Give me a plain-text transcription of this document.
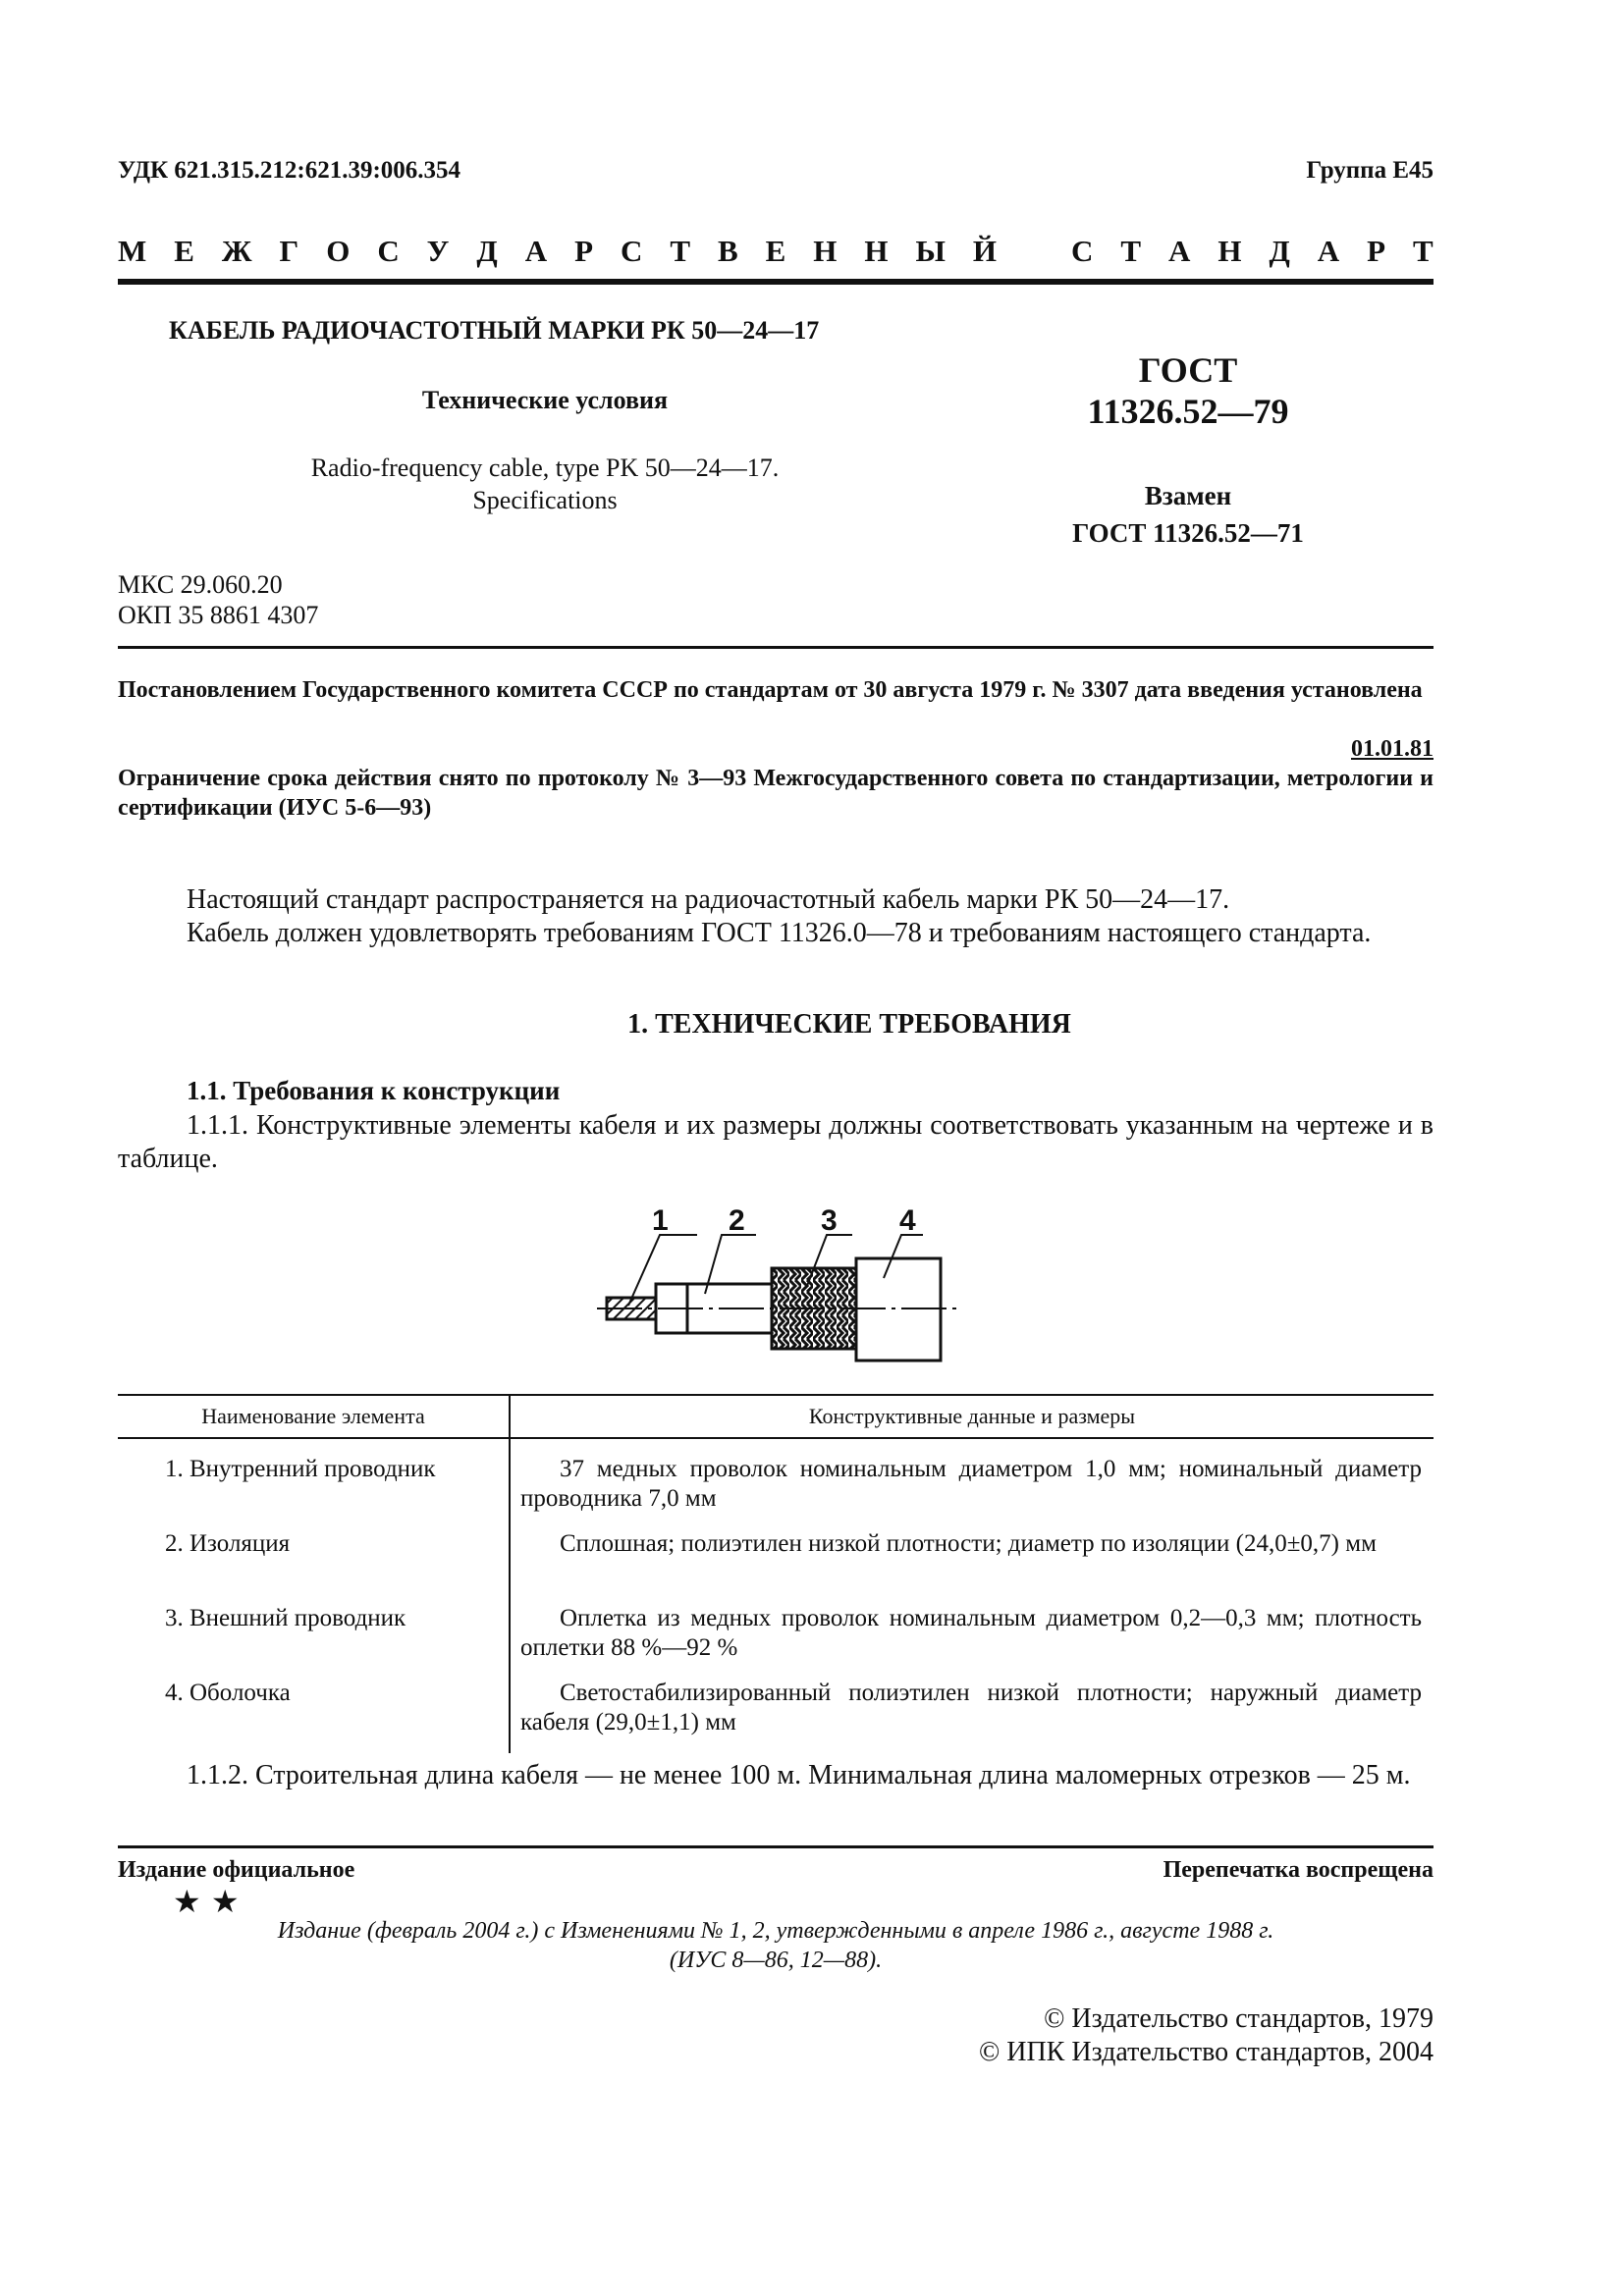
УДК 621.315.212:621.39:006.354	Группа Е45
М Е Ж Г О С У Д А Р С Т В Е Н Н Ы Й С Т А Н Д А Р Т
КАБЕЛЬ РАДИОЧАСТОТНЫЙ МАРКИ РК 50—24—17
Технические условия
Radio-frequency cable, type PK 50—24—17.
Specifications
ГОСТ
11326.52—79
Взамен
ГОСТ 11326.52—71
МКС 29.060.20
ОКП 35 8861 4307
Постановлением Государственного комитета СССР по стандартам от 30 августа 1979 г. № 3307 дата введения установлена
01.01.81
Ограничение срока действия снято по протоколу № 3—93 Межгосударственного совета по стандартизации, метрологии и сертификации (ИУС 5-6—93)
Настоящий стандарт распространяется на радиочастотный кабель марки РК 50—24—17.
Кабель должен удовлетворять требованиям ГОСТ 11326.0—78 и требованиям настоящего стандарта.
1. ТЕХНИЧЕСКИЕ ТРЕБОВАНИЯ
1.1. Требования к конструкции
1.1.1. Конструктивные элементы кабеля и их размеры должны соответствовать указанным на чертеже и в таблице.
1 2	3 4
Наименование элемента	Конструктивные данные и размеры
1. Внутренний проводник	37 медных проволок номинальным диаметром 1,0 мм; номинальный диаметр проводника 7,0 мм
2. Изоляция	Сплошная; полиэтилен низкой плотности; диаметр по изоляции (24,0±0,7) мм
3. Внешний проводник	Оплетка из медных проволок номинальным диаметром 0,2—0,3 мм; плотность оплетки 88 %—92 %
4. Оболочка	Светостабилизированный полиэтилен низкой плотности; наружный диаметр кабеля (29,0±1,1) мм
1.1.2. Строительная длина кабеля — не менее 100 м. Минимальная длина маломерных отрезков — 25 м.
Издание официальное	Перепечатка воспрещена
★ ★
Издание (февраль 2004 г.) с Изменениями № 1, 2, утвержденными в апреле 1986 г., августе 1988 г.
(ИУС 8—86, 12—88).
© Издательство стандартов, 1979
© ИПК Издательство стандартов, 2004
